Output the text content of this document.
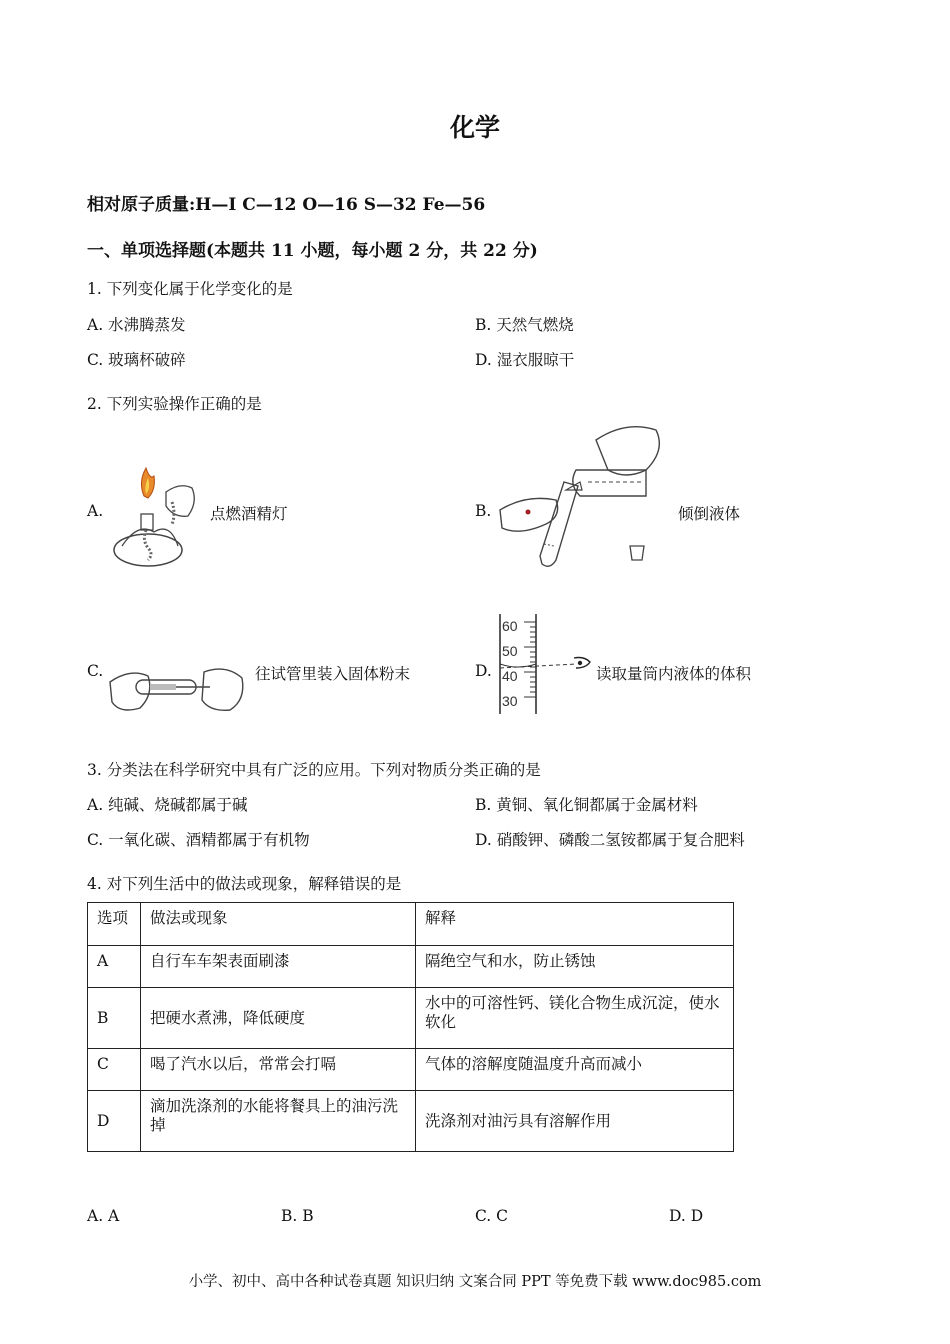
化学
相对原子质量:H—I C—12 O—16 S—32 Fe—56
一、单项选择题(本题共 11 小题，每小题 2 分，共 22 分)
1. 下列变化属于化学变化的是
A. 水沸腾蒸发	B. 天然气燃烧
C. 玻璃杯破碎	D. 湿衣服晾干
2. 下列实验操作正确的是
A.	点燃酒精灯	B.	倾倒液体
C.	往试管里装入固体粉末	D.
60
50
40
30
读取量筒内液体的体积
3. 分类法在科学研究中具有广泛的应用。下列对物质分类正确的是
A. 纯碱、烧碱都属于碱	B. 黄铜、氧化铜都属于金属材料
C. 一氧化碳、酒精都属于有机物	D. 硝酸钾、磷酸二氢铵都属于复合肥料
4. 对下列生活中的做法或现象，解释错误的是
选项	做法或现象	解释
A	自行车车架表面刷漆	隔绝空气和水，防止锈蚀
B	把硬水煮沸，降低硬度	水中的可溶性钙、镁化合物生成沉淀，使水软化
C	喝了汽水以后，常常会打嗝	气体的溶解度随温度升高而减小
D	滴加洗涤剂的水能将餐具上的油污洗掉	洗涤剂对油污具有溶解作用
A. A	B. B	C. C	D. D
小学、初中、高中各种试卷真题 知识归纳 文案合同 PPT 等免费下载 www.doc985.com
